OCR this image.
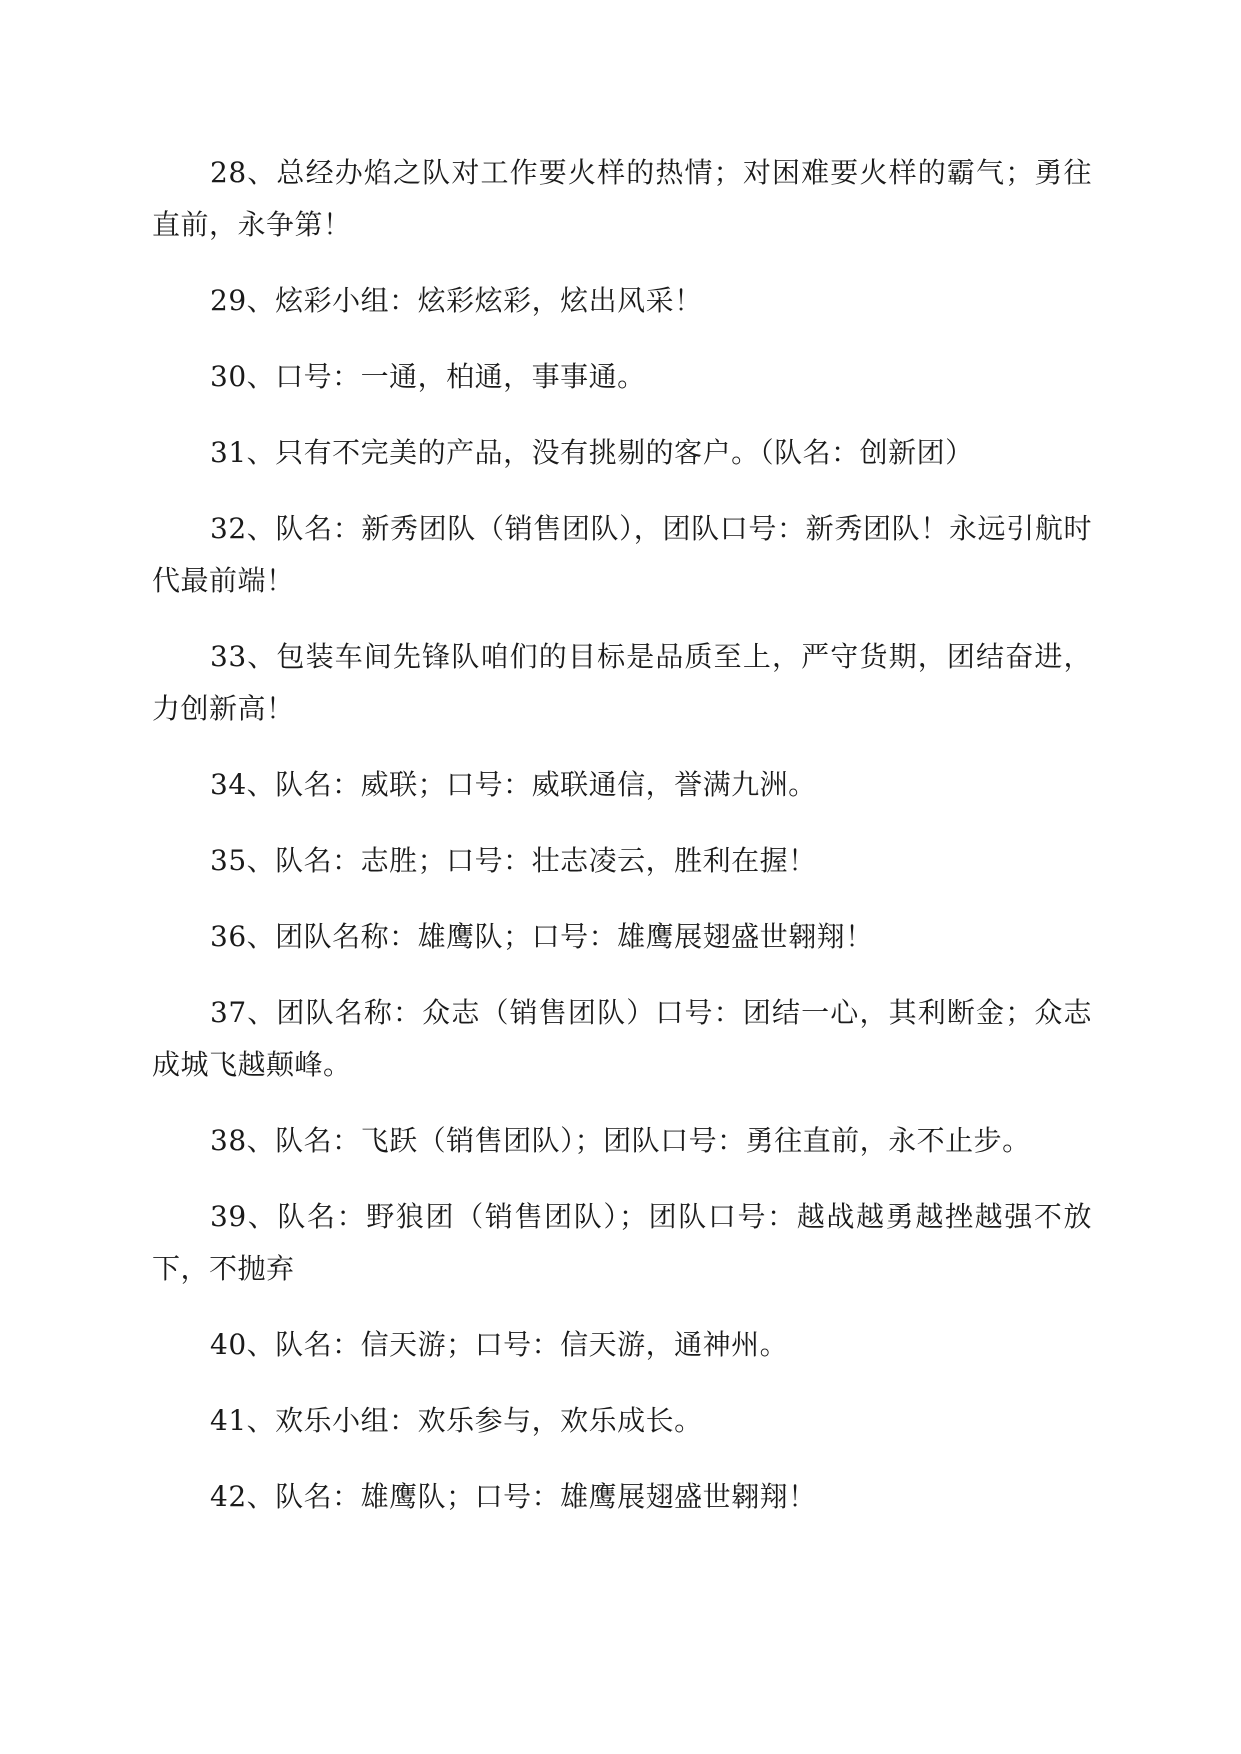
28、总经办焰之队对工作要火样的热情；对困难要火样的霸气；勇往直前，永争第！

29、炫彩小组：炫彩炫彩，炫出风采！

30、口号：一通，柏通，事事通。

31、只有不完美的产品，没有挑剔的客户。（队名：创新团）

32、队名：新秀团队（销售团队），团队口号：新秀团队！永远引航时代最前端！

33、包装车间先锋队咱们的目标是品质至上，严守货期，团结奋进，力创新高！

34、队名：威联；口号：威联通信，誉满九洲。

35、队名：志胜；口号：壮志凌云，胜利在握！

36、团队名称：雄鹰队；口号：雄鹰展翅盛世翱翔！

37、团队名称：众志（销售团队）口号：团结一心，其利断金；众志成城飞越颠峰。

38、队名：飞跃（销售团队）；团队口号：勇往直前，永不止步。

39、队名：野狼团（销售团队）；团队口号：越战越勇越挫越强不放下，不抛弃

40、队名：信天游；口号：信天游，通神州。

41、欢乐小组：欢乐参与，欢乐成长。

42、队名：雄鹰队；口号：雄鹰展翅盛世翱翔！
